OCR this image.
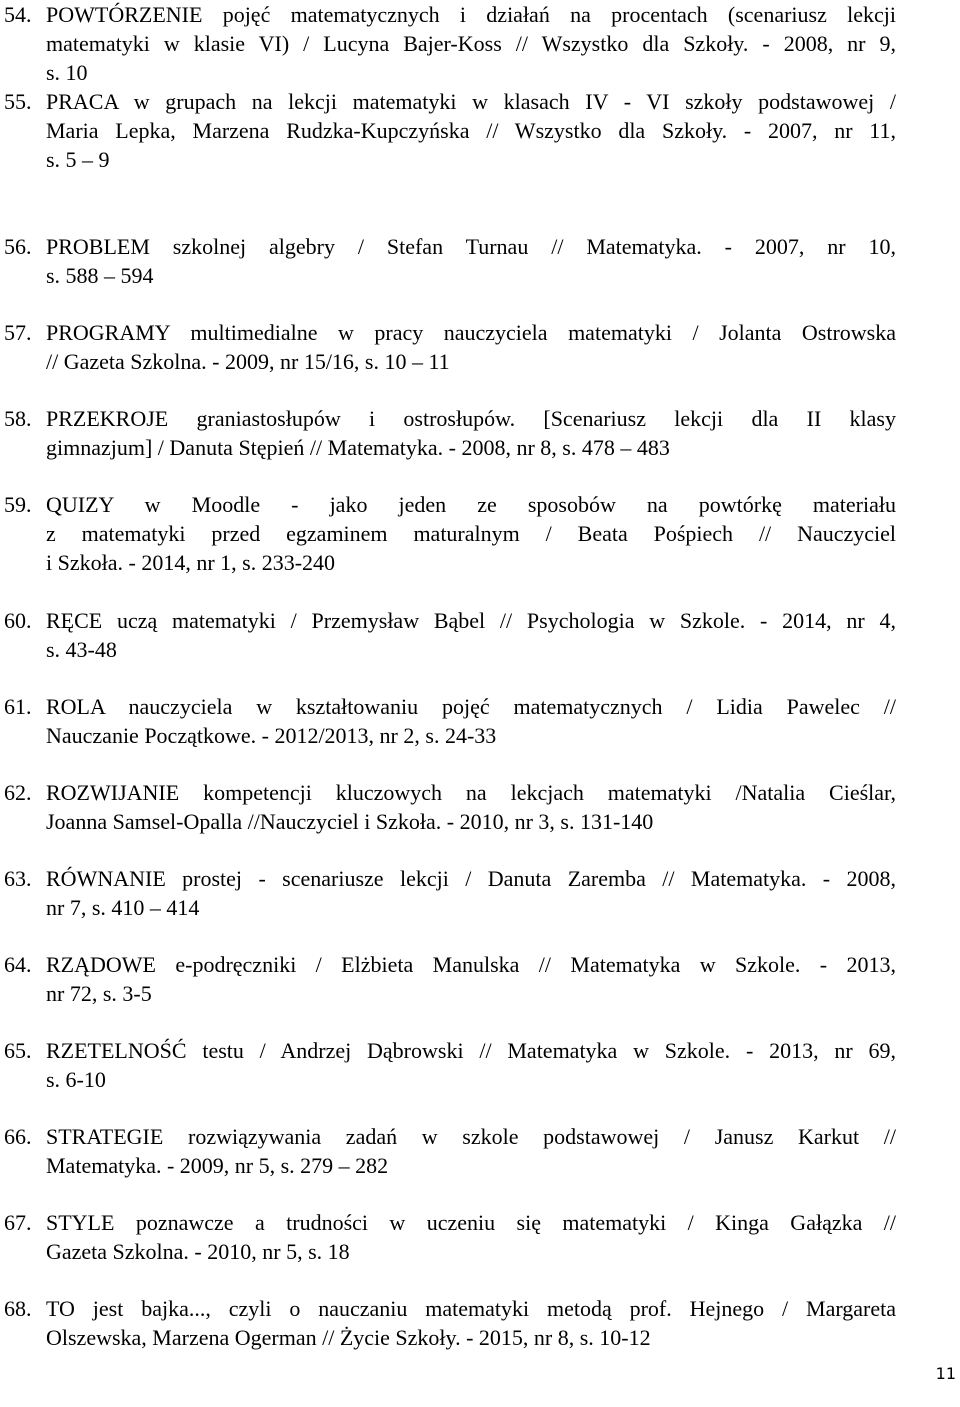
54. POWTÓRZENIE pojęć matematycznych i działań na procentach (scenariusz lekcji
matematyki w klasie VI) / Lucyna Bajer-Koss // Wszystko dla Szkoły. - 2008, nr 9,
s. 10
55. PRACA w grupach na lekcji matematyki w klasach IV - VI szkoły podstawowej /
Maria Lepka, Marzena Rudzka-Kupczyńska // Wszystko dla Szkoły. - 2007, nr 11,
s. 5 – 9
56. PROBLEM szkolnej algebry / Stefan Turnau // Matematyka. - 2007, nr 10,
s. 588 – 594
57. PROGRAMY multimedialne w pracy nauczyciela matematyki / Jolanta Ostrowska
// Gazeta Szkolna. - 2009, nr 15/16, s. 10 – 11
58. PRZEKROJE graniastosłupów i ostrosłupów. [Scenariusz lekcji dla II klasy
gimnazjum] / Danuta Stępień // Matematyka. - 2008, nr 8, s. 478 – 483
59. QUIZY w Moodle - jako jeden ze sposobów na powtórkę materiału
z matematyki przed egzaminem maturalnym / Beata Pośpiech // Nauczyciel
i Szkoła. - 2014, nr 1, s. 233-240
60. RĘCE uczą matematyki / Przemysław Bąbel // Psychologia w Szkole. - 2014, nr 4,
s. 43-48
61. ROLA nauczyciela w kształtowaniu pojęć matematycznych / Lidia Pawelec //
Nauczanie Początkowe. - 2012/2013, nr 2, s. 24-33
62. ROZWIJANIE kompetencji kluczowych na lekcjach matematyki /Natalia Cieślar,
Joanna Samsel-Opalla //Nauczyciel i Szkoła. - 2010, nr 3, s. 131-140
63. RÓWNANIE prostej - scenariusze lekcji / Danuta Zaremba // Matematyka. - 2008,
nr 7, s. 410 – 414
64. RZĄDOWE e-podręczniki / Elżbieta Manulska // Matematyka w Szkole. - 2013,
nr 72, s. 3-5
65. RZETELNOŚĆ testu / Andrzej Dąbrowski // Matematyka w Szkole. - 2013, nr 69,
s. 6-10
66. STRATEGIE rozwiązywania zadań w szkole podstawowej / Janusz Karkut //
Matematyka. - 2009, nr 5, s. 279 – 282
67. STYLE poznawcze a trudności w uczeniu się matematyki / Kinga Gałązka //
Gazeta Szkolna. - 2010, nr 5, s. 18
68. TO jest bajka..., czyli o nauczaniu matematyki metodą prof. Hejnego / Margareta
Olszewska, Marzena Ogerman // Życie Szkoły. - 2015, nr 8, s. 10-12
11
